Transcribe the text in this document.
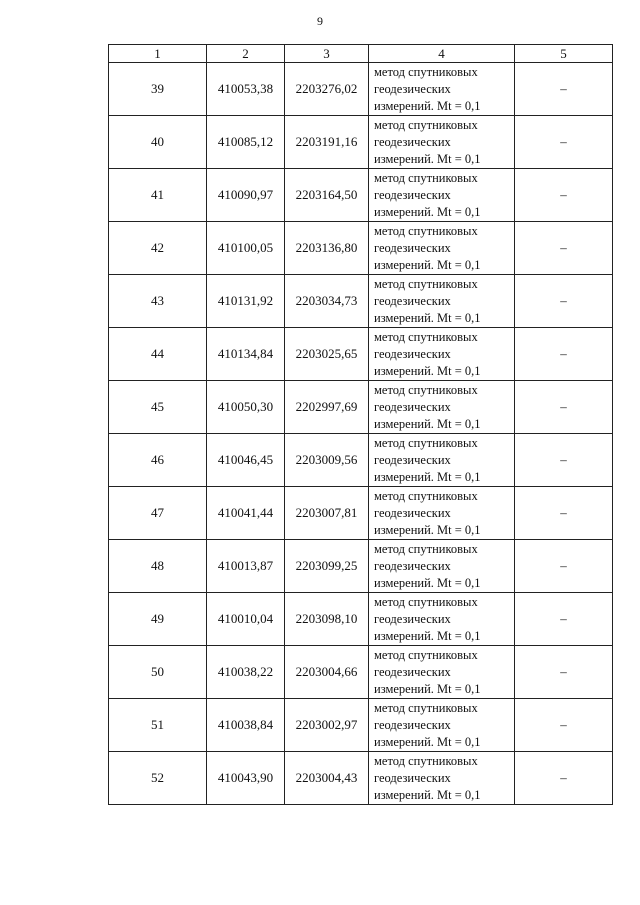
9
1	2	3	4	5
39	410053,38	2203276,02	метод спутниковых
геодезических
измерений. Mt = 0,1	–
40	410085,12	2203191,16	метод спутниковых
геодезических
измерений. Mt = 0,1	–
41	410090,97	2203164,50	метод спутниковых
геодезических
измерений. Mt = 0,1	–
42	410100,05	2203136,80	метод спутниковых
геодезических
измерений. Mt = 0,1	–
43	410131,92	2203034,73	метод спутниковых
геодезических
измерений. Mt = 0,1	–
44	410134,84	2203025,65	метод спутниковых
геодезических
измерений. Mt = 0,1	–
45	410050,30	2202997,69	метод спутниковых
геодезических
измерений. Mt = 0,1	–
46	410046,45	2203009,56	метод спутниковых
геодезических
измерений. Mt = 0,1	–
47	410041,44	2203007,81	метод спутниковых
геодезических
измерений. Mt = 0,1	–
48	410013,87	2203099,25	метод спутниковых
геодезических
измерений. Mt = 0,1	–
49	410010,04	2203098,10	метод спутниковых
геодезических
измерений. Mt = 0,1	–
50	410038,22	2203004,66	метод спутниковых
геодезических
измерений. Mt = 0,1	–
51	410038,84	2203002,97	метод спутниковых
геодезических
измерений. Mt = 0,1	–
52	410043,90	2203004,43	метод спутниковых
геодезических
измерений. Mt = 0,1	–
